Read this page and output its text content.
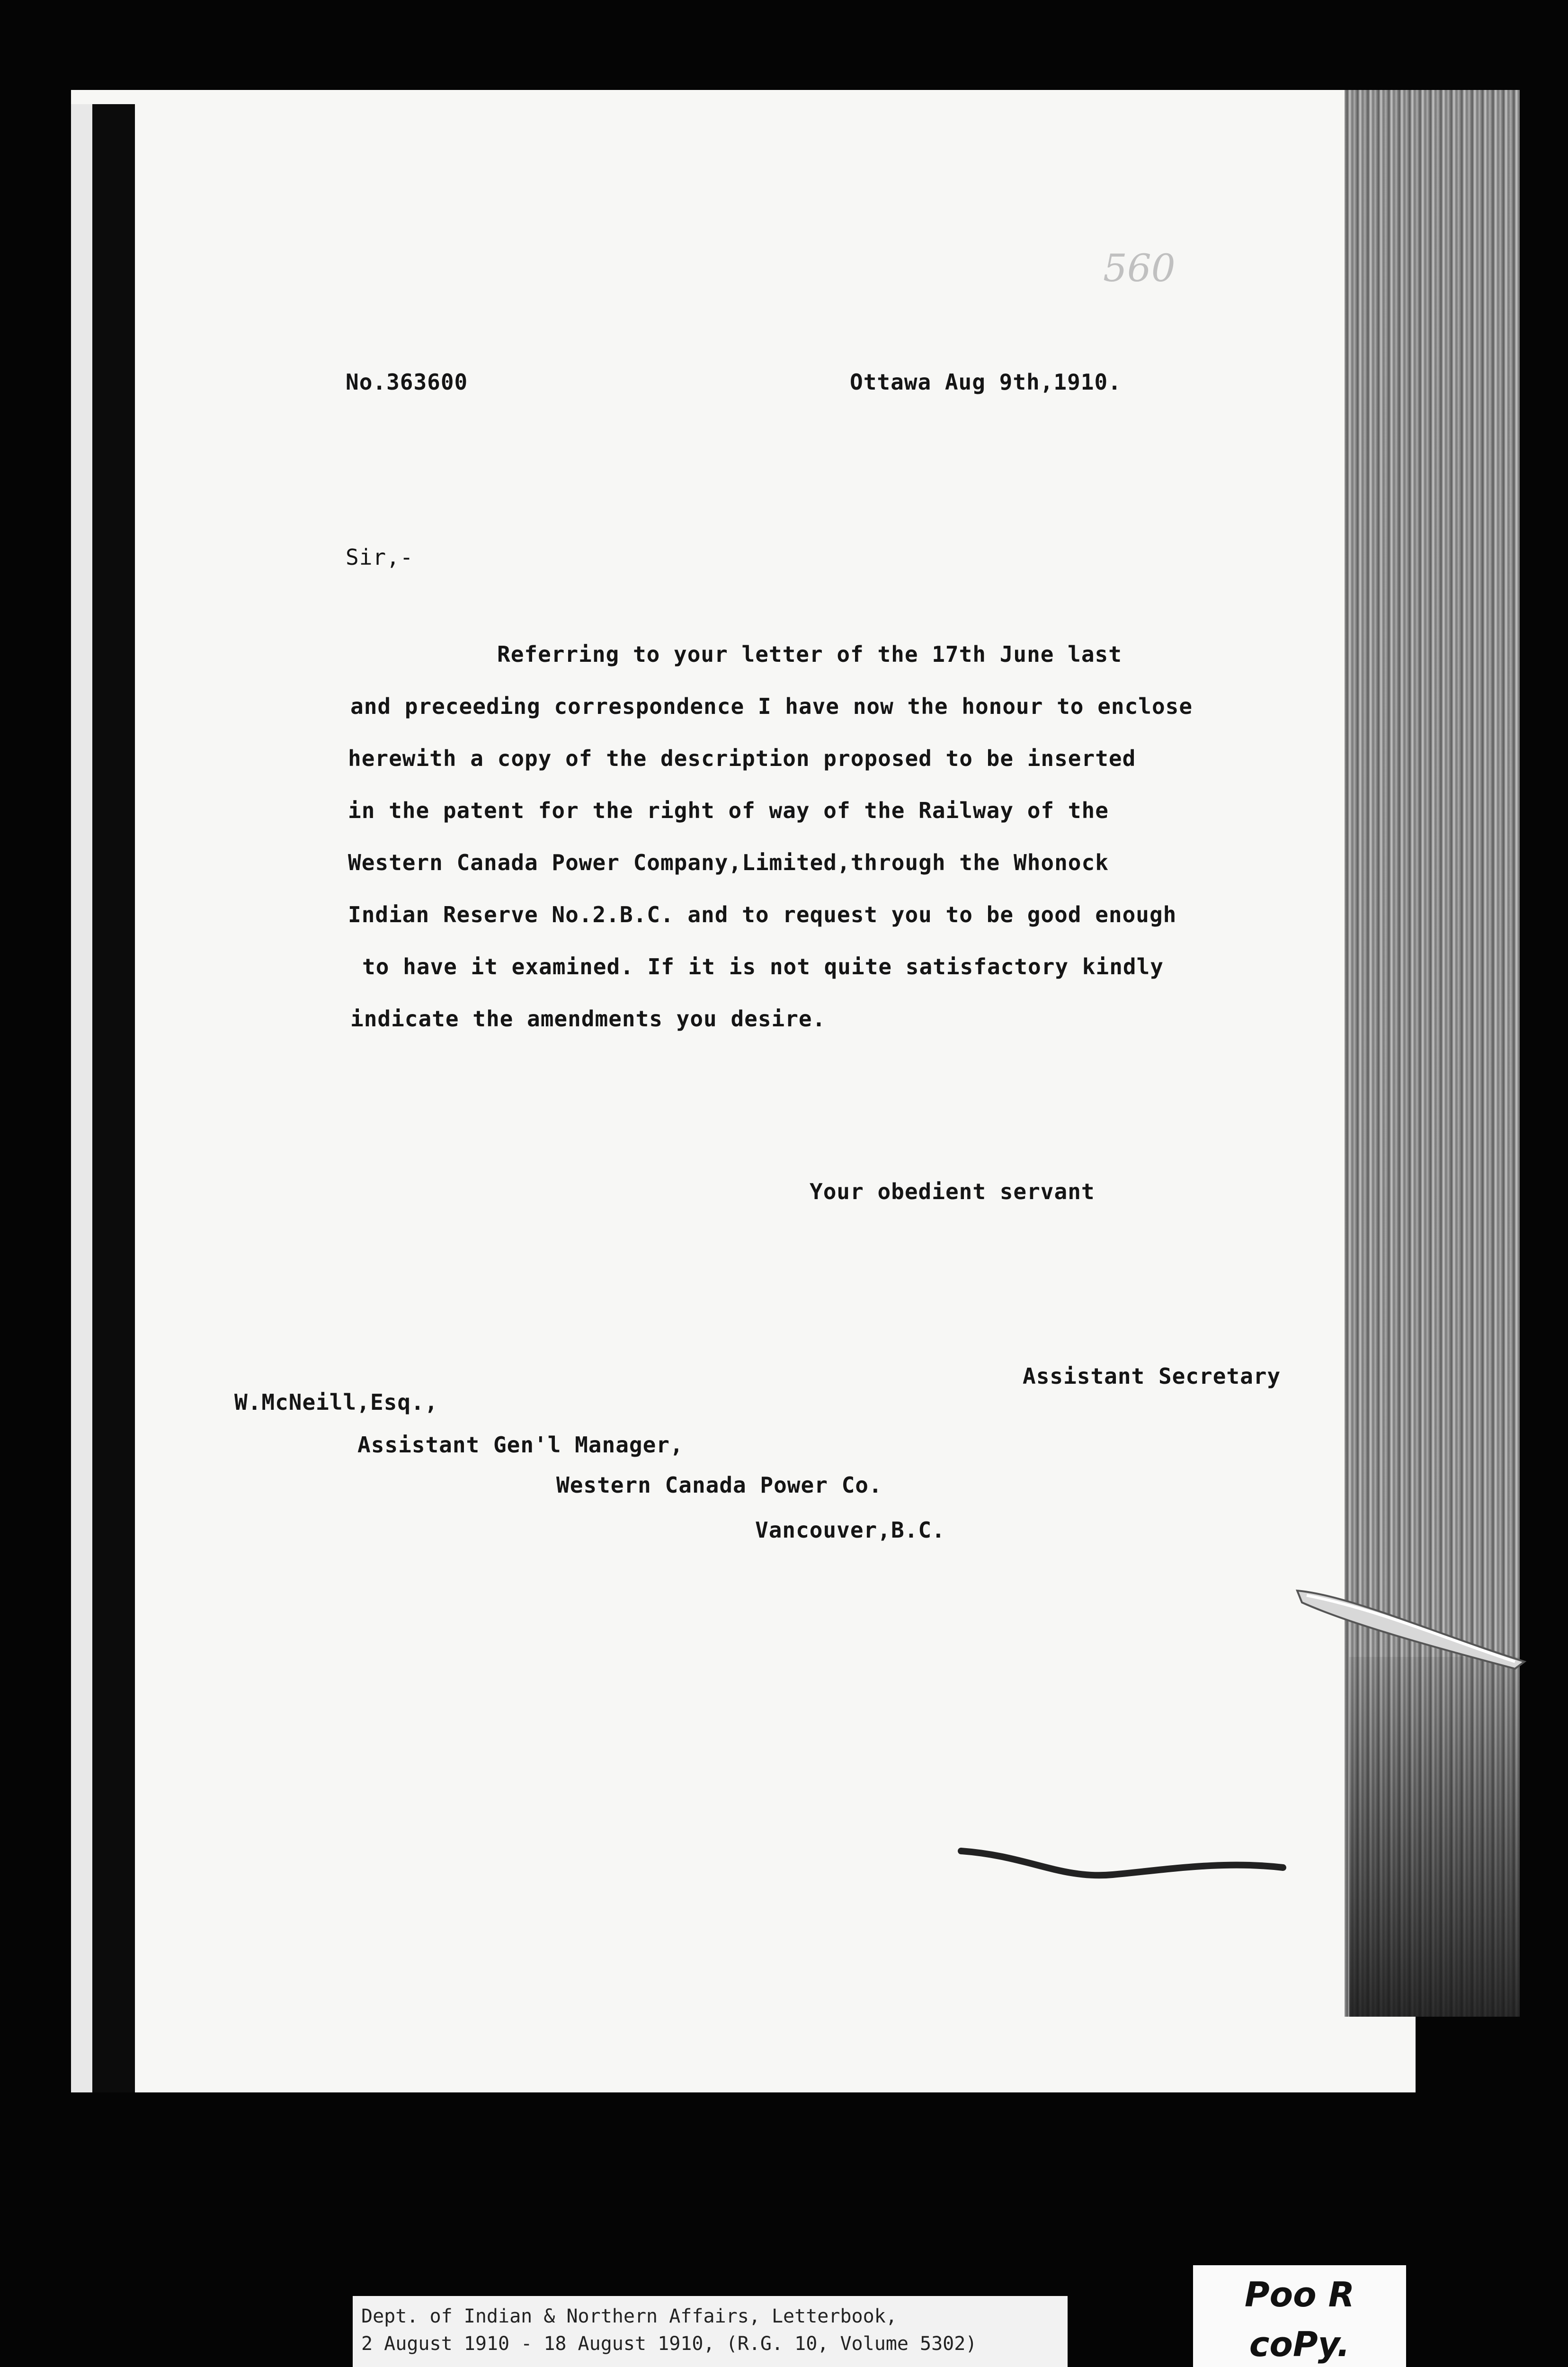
560
No.363600	Ottawa Aug 9th,1910.
Sir,-
Referring to your letter of the 17th June last
and preceeding correspondence I have now the honour to enclose
herewith a copy of the description proposed to be inserted
in the patent for the right of way of the Railway of the
Western Canada Power Company,Limited,through the Whonock
Indian Reserve No.2.B.C. and to request you to be good enough
to have it examined. If it is not quite satisfactory kindly
indicate the amendments you desire.
Your obedient servant
Assistant Secretary
W.McNeill,Esq.,
Assistant Gen'l Manager,
Western Canada Power Co.
Vancouver,B.C.
Dept. of Indian & Northern Affairs, Letterbook,
2 August 1910 - 18 August 1910, (R.G. 10, Volume 5302)
Poo R
coPy.
